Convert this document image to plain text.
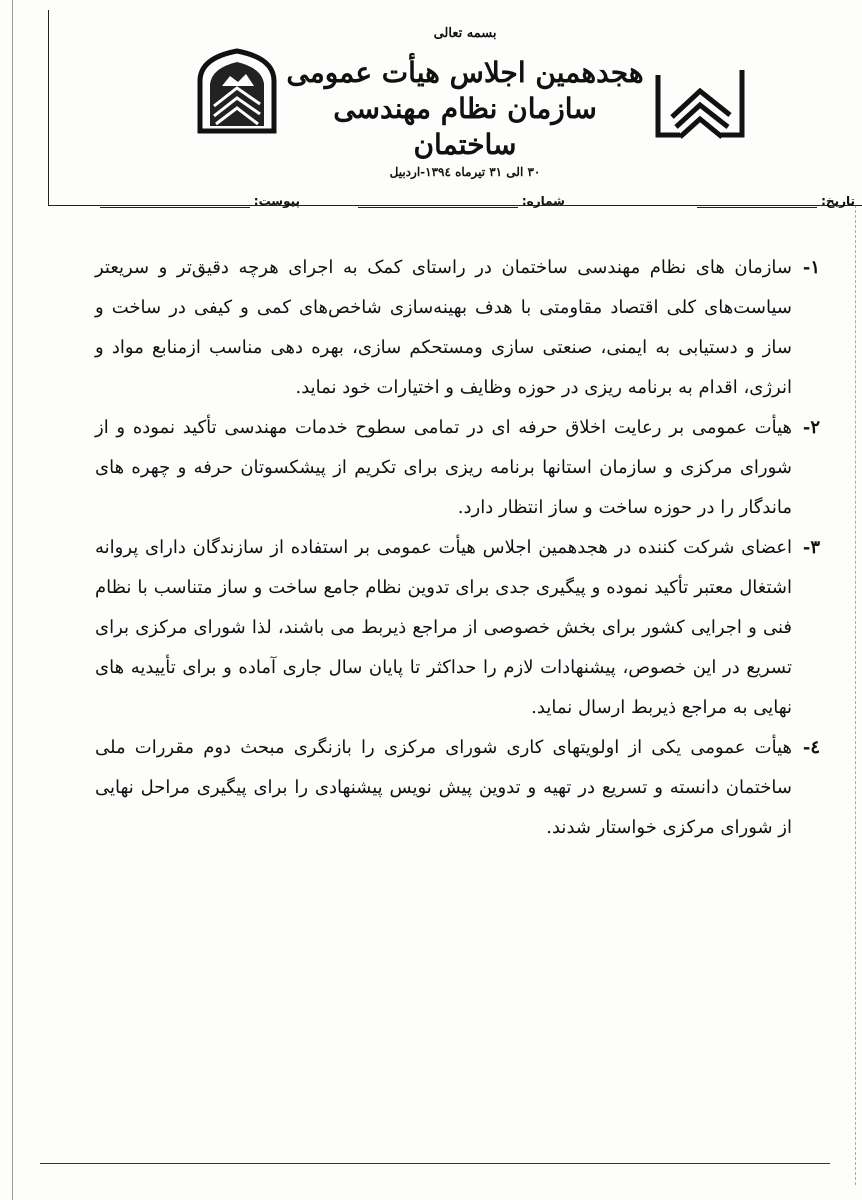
بسمه تعالی
هجدهمین اجلاس هیأت عمومی
سازمان نظام مهندسی ساختمان
۳۰ الی ۳۱ تیرماه ۱۳۹٤-اردبیل
تاریخ:
شماره:
پیوست:
۱-
سازمان های نظام مهندسی ساختمان در راستای کمک به اجرای هرچه دقیق‌تر و سریعتر سیاست‌های کلی اقتصاد مقاومتی با هدف بهینه‌سازی شاخص‌های کمی و کیفی در ساخت و ساز و دستیابی به ایمنی، صنعتی سازی ومستحکم سازی، بهره دهی مناسب ازمنابع مواد و انرژی، اقدام به برنامه ریزی در حوزه وظایف و اختیارات خود نماید.
۲-
هیأت عمومی بر رعایت اخلاق حرفه ای در تمامی سطوح خدمات مهندسی تأکید نموده و از شورای مرکزی و سازمان استانها برنامه ریزی برای تکریم از پیشکسوتان حرفه و چهره های ماندگار را در حوزه ساخت و ساز انتظار دارد.
۳-
اعضای شرکت کننده در هجدهمین اجلاس هیأت عمومی بر استفاده از سازندگان دارای پروانه اشتغال معتبر تأکید نموده و پیگیری جدی برای تدوین نظام جامع ساخت و ساز متناسب با نظام فنی و اجرایی کشور برای بخش خصوصی از مراجع ذیربط می باشند، لذا شورای مرکزی برای تسریع در این خصوص، پیشنهادات لازم را حداکثر تا پایان سال جاری آماده و برای تأییدیه های نهایی به مراجع ذیربط ارسال نماید.
٤-
هیأت عمومی یکی از اولویتهای کاری شورای مرکزی را بازنگری مبحث دوم مقررات ملی ساختمان دانسته و تسریع در تهیه و تدوین پیش نویس پیشنهادی را برای پیگیری مراحل نهایی از شورای مرکزی خواستار شدند.
